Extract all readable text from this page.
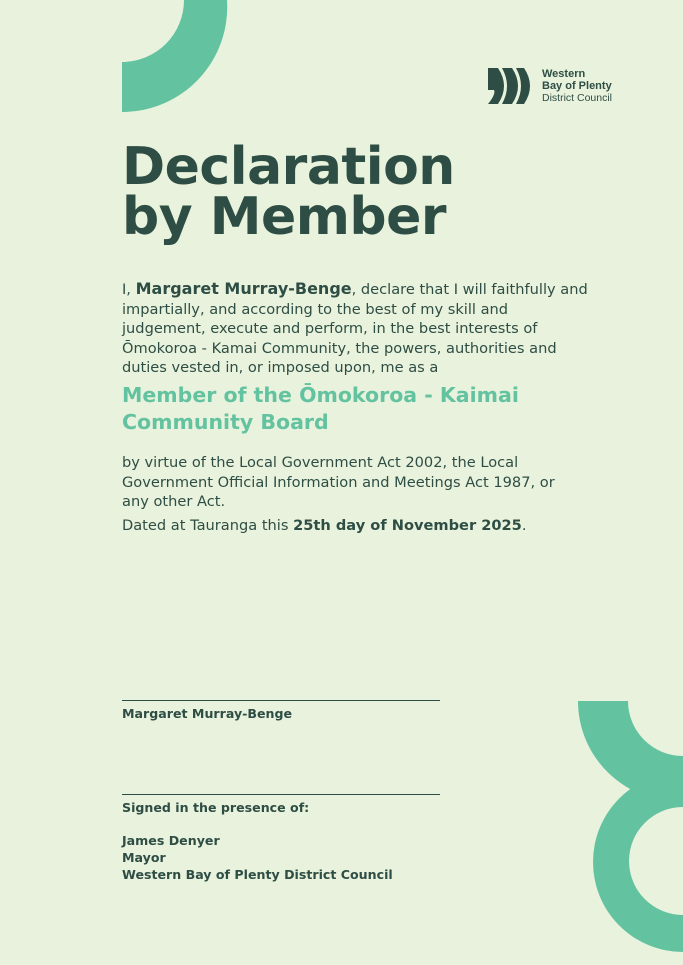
Western
Bay of Plenty
District Council
Declaration
by Member

I, Margaret Murray-Benge, declare that I will faithfully and impartially, and according to the best of my skill and judgement, execute and perform, in the best interests of Ōmokoroa - Kamai Community, the powers, authorities and duties vested in, or imposed upon, me as a

Member of the Ōmokoroa - Kaimai
Community Board

by virtue of the Local Government Act 2002, the Local Government Official Information and Meetings Act 1987, or any other Act.

Dated at Tauranga this 25th day of November 2025.

Margaret Murray-Benge

Signed in the presence of:

James Denyer
Mayor
Western Bay of Plenty District Council
